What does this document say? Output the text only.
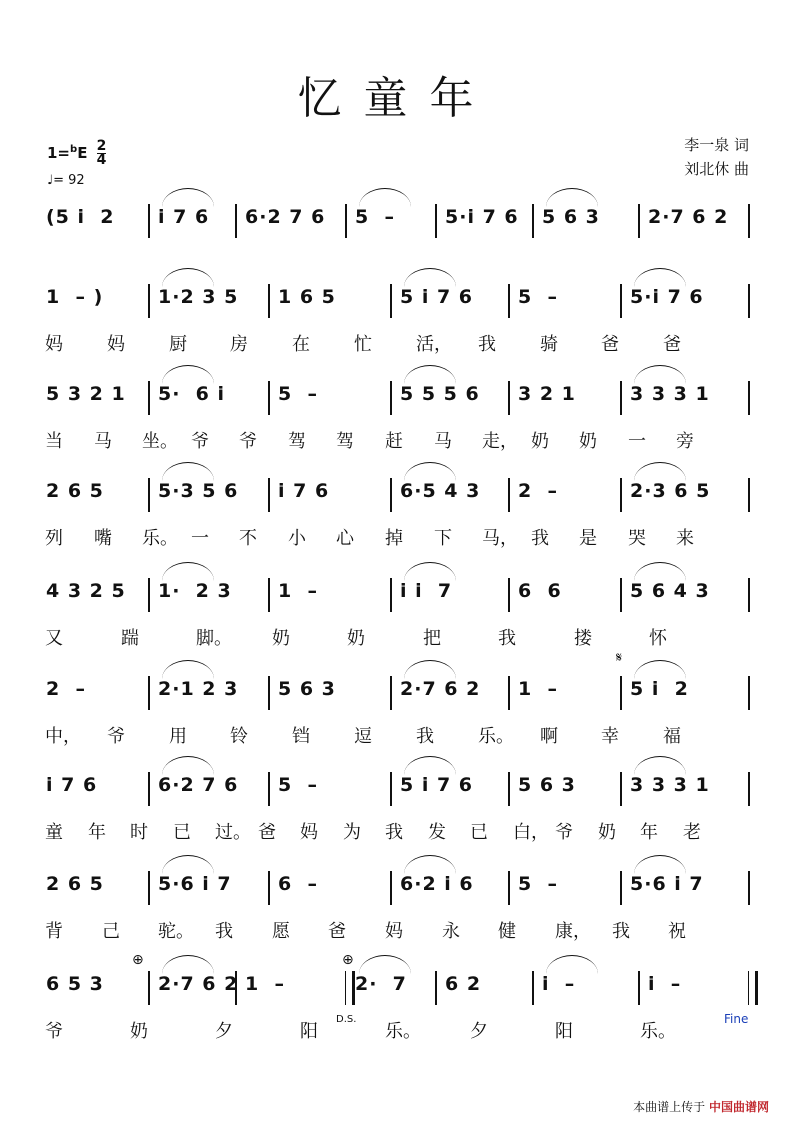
忆童年
$1=^bE \frac{2}{4}$
♩= 92
李一泉 词
刘北休 曲
(5 i  2 i 7 6 6·2 7 6 5  –	5·i 7 6 5 6 3	2·7 6 2
1  – )	1·2 3 5 1 6 5	5 i 7 6 5  –	5·i 7 6
妈 妈 厨 房 在 忙 活， 我 骑 爸 爸
5 3 2 1 5·  6 i	5  –	5 5 5 6 3 2 1	3 3 3 1
当 马 坐。 爷 爷 驾 驾 赶 马 走， 奶 奶 一 旁
2 6 5	5·3 5 6 i 7 6	6·5 4 3 2  –	2·3 6 5
列 嘴 乐。 一 不 小 心 掉 下 马， 我 是 哭 来
4 3 2 5 1·  2 3 1  –	i i  7	6  6	5 6 4 3
又	踹	脚。 奶	奶	把	我	搂	怀
2  –	2·1 2 3 5 6 3	2·7 6 2 1  –	5 i  2
中， 爷 用 铃 铛 逗 我 乐。 啊 幸 福
i 7 6	6·2 7 6 5  –	5 i 7 6 5 6 3	3 3 3 1
童 年 时 已 过。 爸 妈 为 我 发 已 白， 爷 奶 年 老
2 6 5	5·6 i 7 6  –	6·2 i 6 5  –	5·6 i 7
背 己 驼。 我 愿 爸 妈 永 健 康， 我 祝
6 5 3	2·7 6 2 1  –	2·  7 6 2	i  –	i  –
爷	奶	夕	阳	乐。	夕	阳	乐。
D.S.	Fine
𝄋
⊕	⊕
本曲谱上传于 中国曲谱网
